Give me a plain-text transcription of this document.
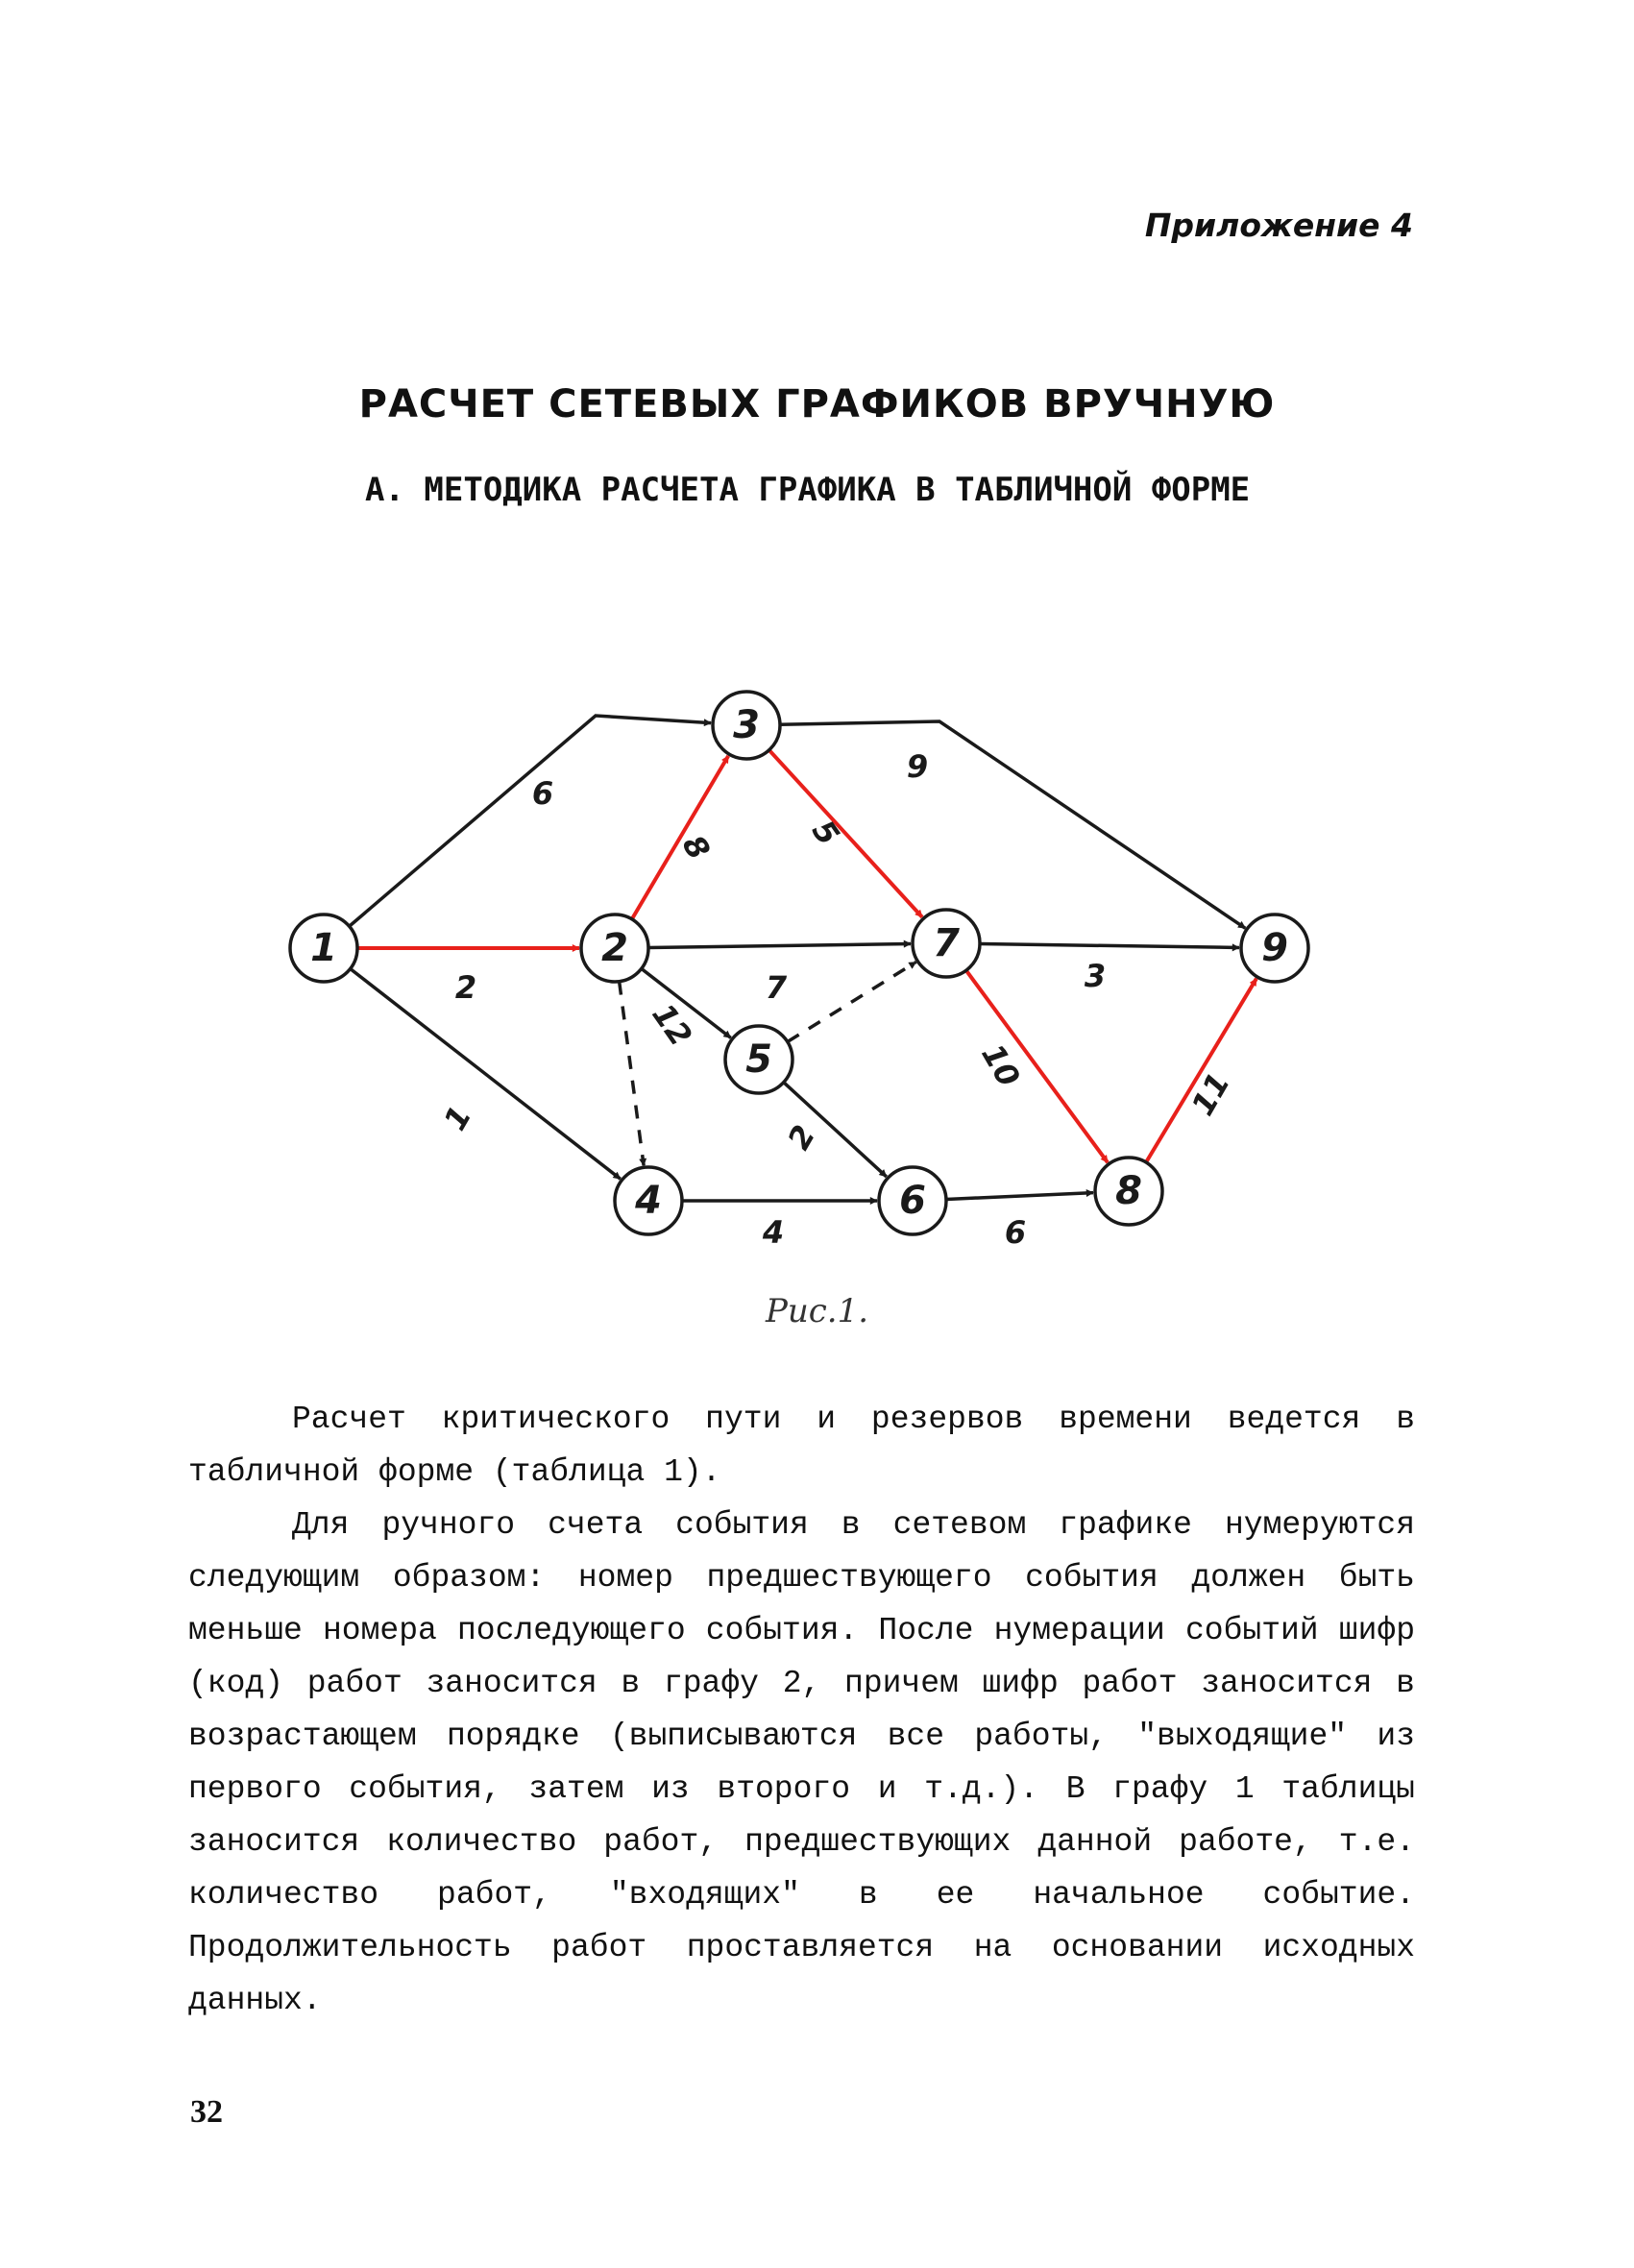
Приложение 4
РАСЧЕТ СЕТЕВЫХ ГРАФИКОВ ВРУЧНУЮ
А. МЕТОДИКА РАСЧЕТА ГРАФИКА В ТАБЛИЧНОЙ ФОРМЕ
6
2
1
8
7
12
5
9
2
4
3
10
6
11
1	2
3
4
5
6
7
8
9
Рис.1.

Расчет критического пути и резервов времени ведется в табличной форме (таблица 1).

Для ручного счета события в сетевом графике нумеруются следующим образом: номер предшествующего события должен быть меньше номера последующего события. После нумерации событий шифр (код) работ заносится в графу 2, причем шифр работ заносится в возрастающем порядке (выписываются все работы, "выходящие" из первого события, затем из второго и т.д.). В графу 1 таблицы заносится количество работ, предшествующих данной работе, т.е. количество работ, "входящих" в ее начальное событие. Продолжительность работ проставляется на основании исходных данных.

32
